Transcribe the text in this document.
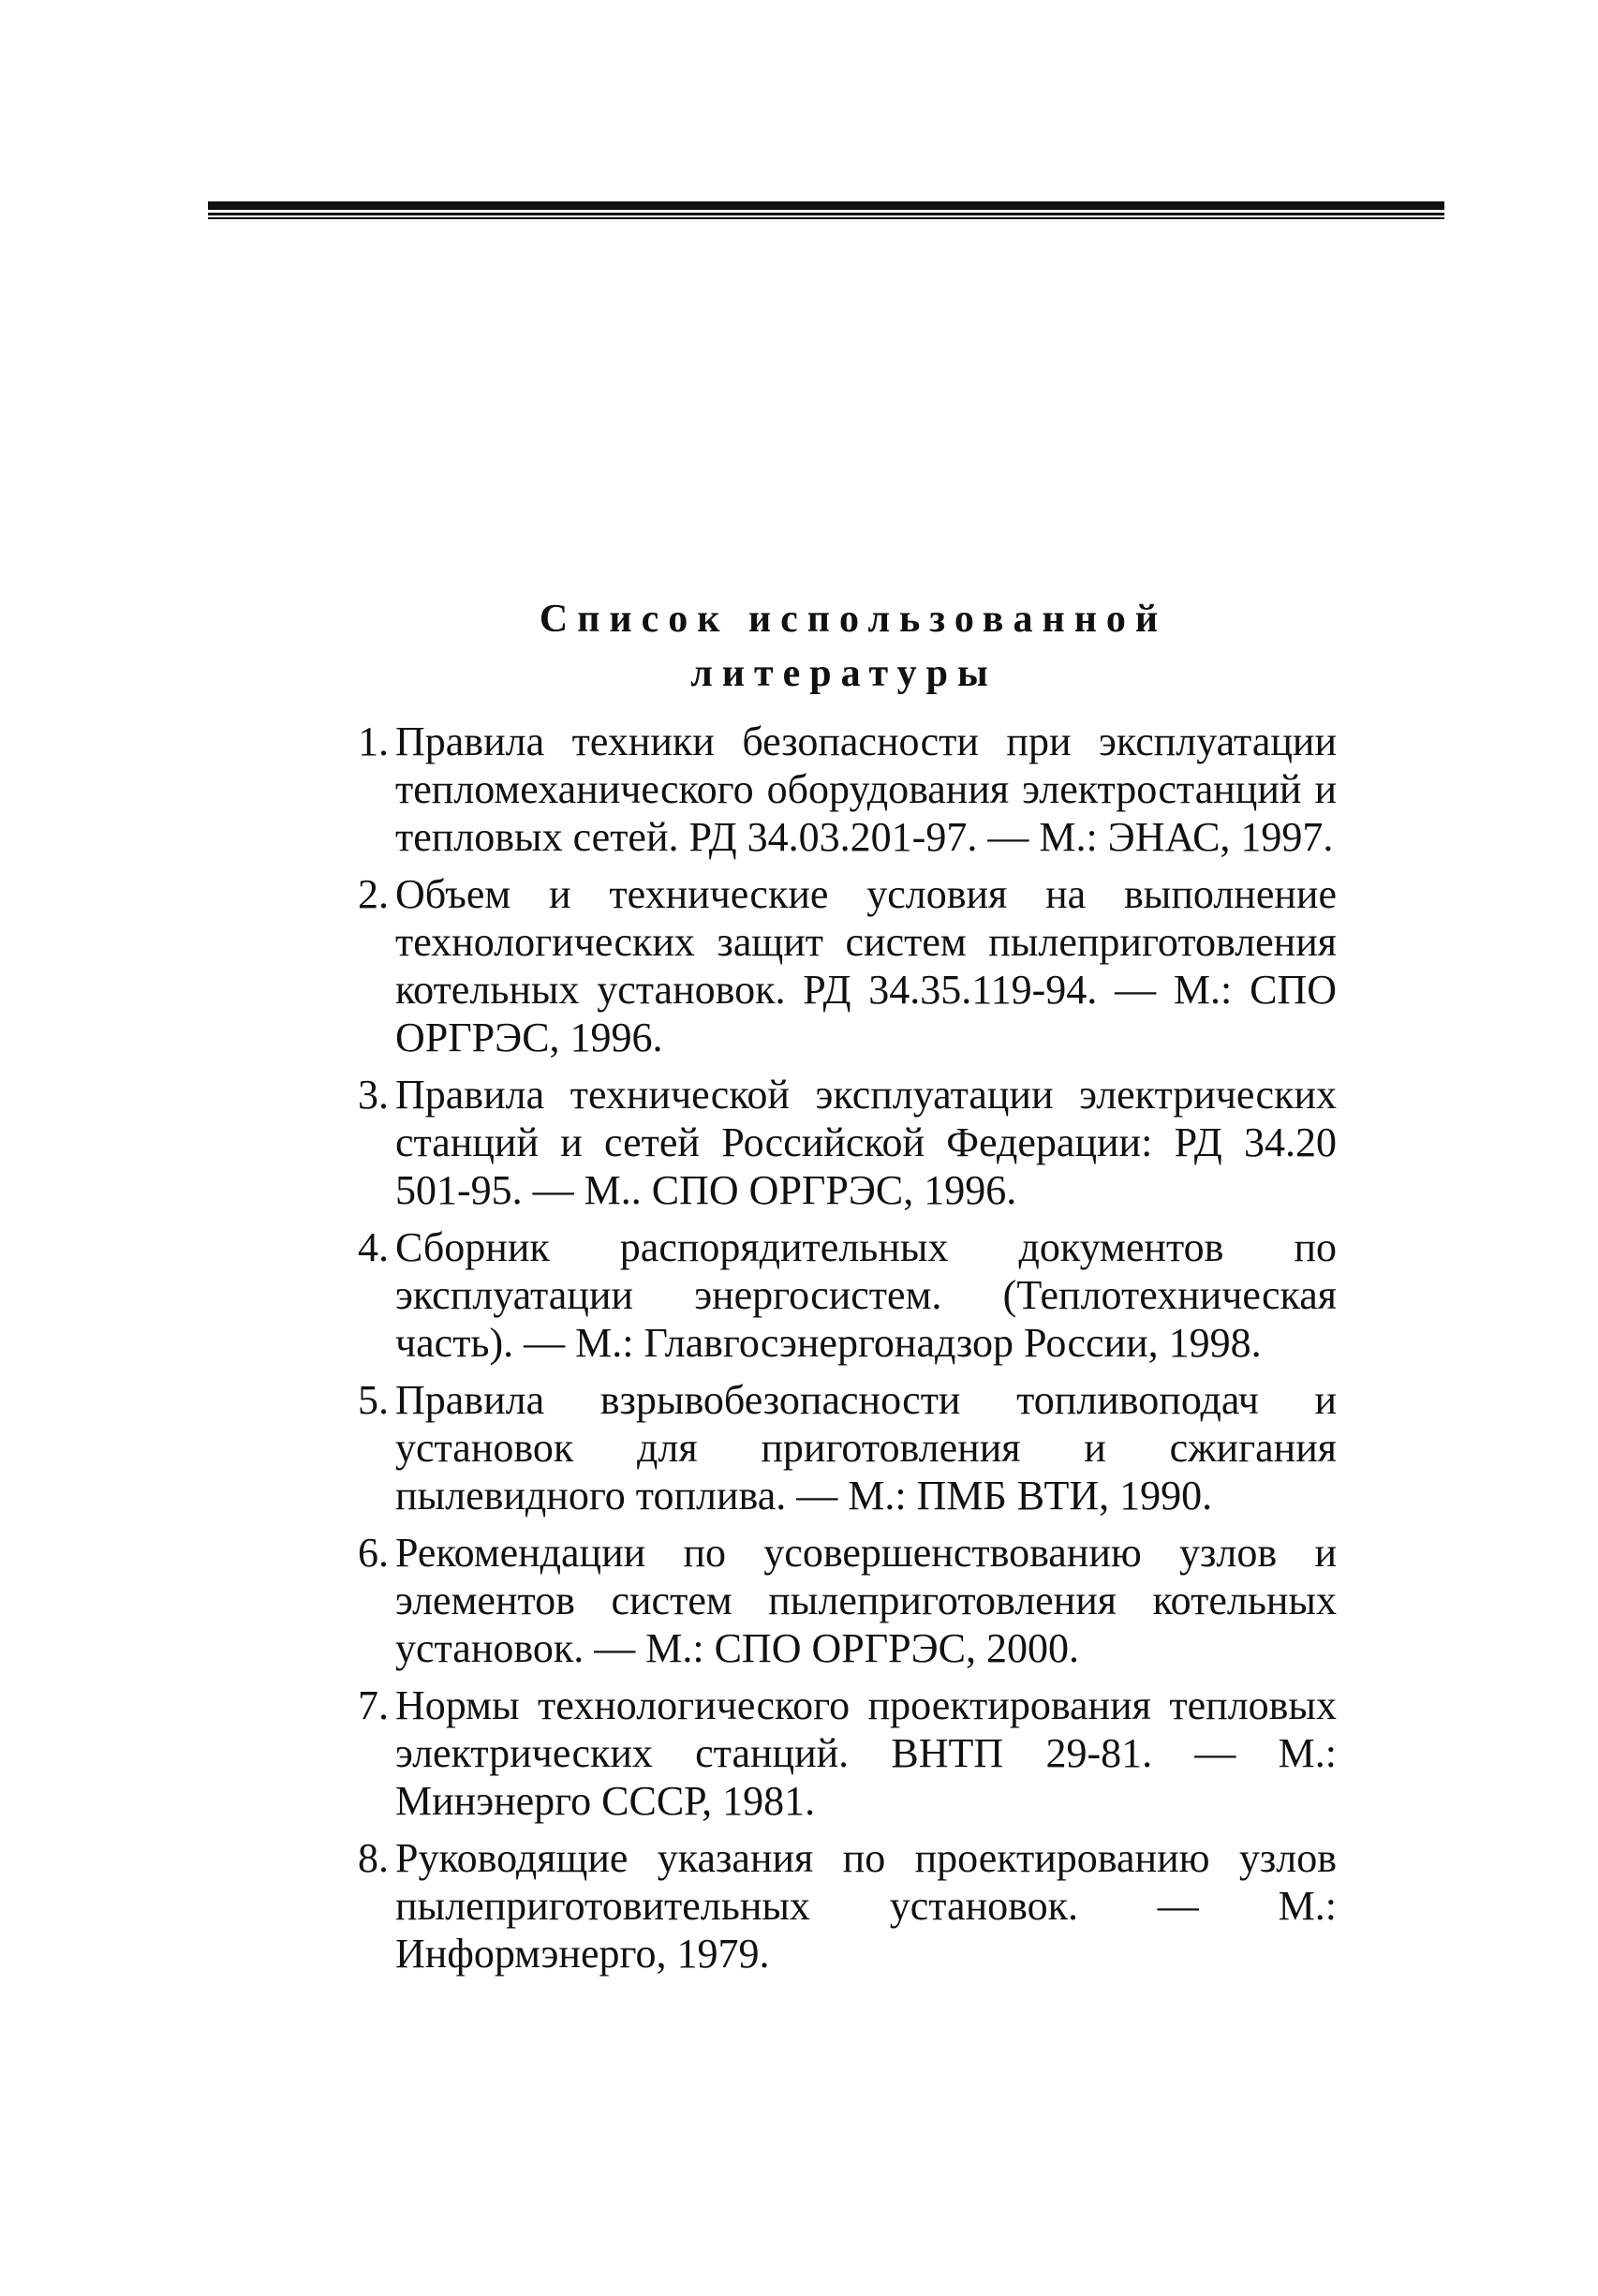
Список использованной
литературы
1. Правила техники безопасности при эксплуатации тепломеханического оборудования электростанций и тепловых сетей. РД 34.03.201-97. — М.: ЭНАС, 1997.
2. Объем и технические условия на выполнение технологических защит систем пылеприготовления котельных установок. РД 34.35.119-94. — М.: СПО ОРГРЭС, 1996.
3. Правила технической эксплуатации электрических станций и сетей Российской Федерации: РД 34.20 501-95. — М.. СПО ОРГРЭС, 1996.
4. Сборник распорядительных документов по эксплуатации энергосистем. (Теплотехническая часть). — М.: Главгосэнергонадзор России, 1998.
5. Правила взрывобезопасности топливоподач и установок для приготовления и сжигания пылевидного топлива. — М.: ПМБ ВТИ, 1990.
6. Рекомендации по усовершенствованию узлов и элементов систем пылеприготовления котельных установок. — М.: СПО ОРГРЭС, 2000.
7. Нормы технологического проектирования тепловых электрических станций. ВНТП 29-81. — М.: Минэнерго СССР, 1981.
8. Руководящие указания по проектированию узлов пылеприготовительных установок. — М.: Информэнерго, 1979.
